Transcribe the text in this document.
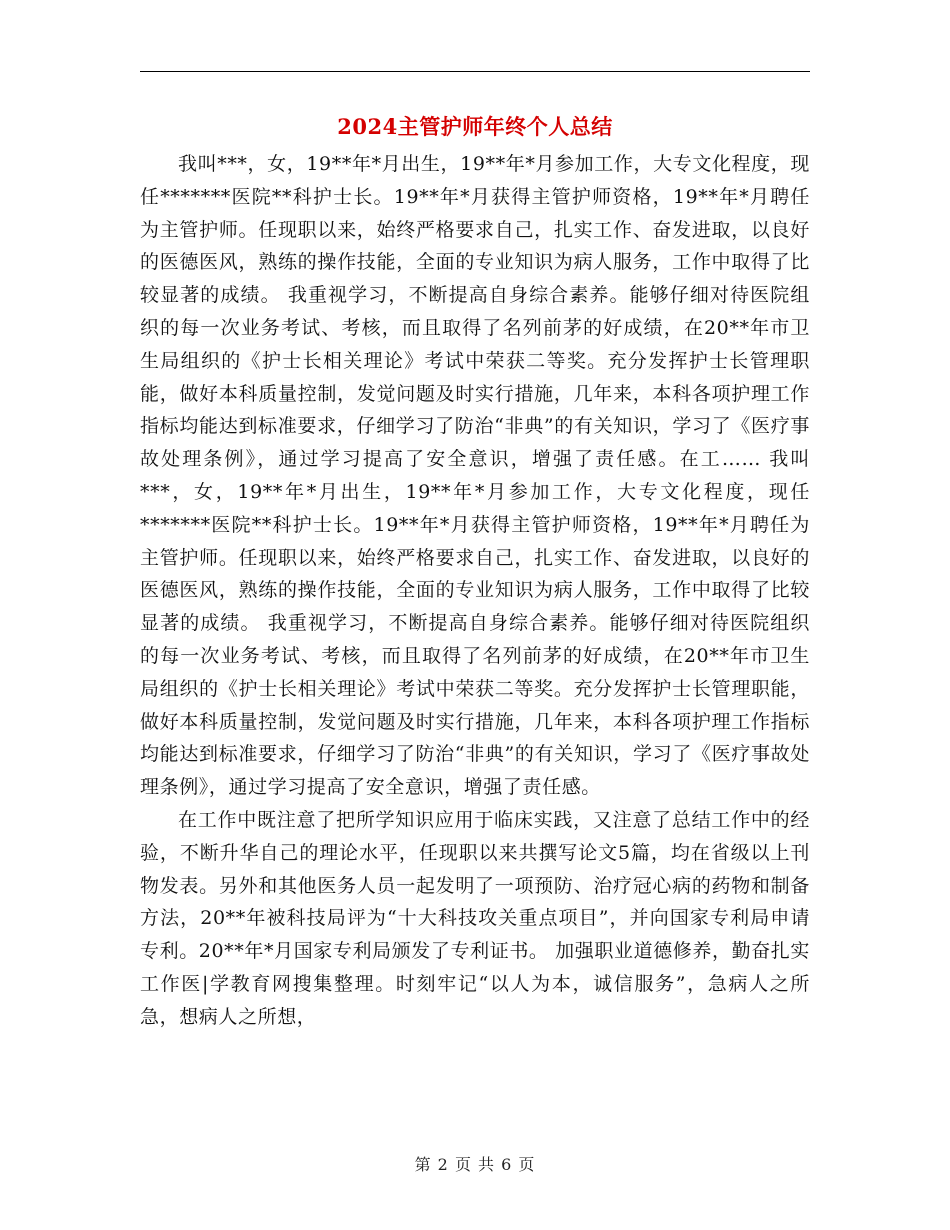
2024主管护师年终个人总结

我叫***，女，19**年*月出生，19**年*月参加工作，大专文化程度，现任*******医院**科护士长。19**年*月获得主管护师资格，19**年*月聘任为主管护师。任现职以来，始终严格要求自己，扎实工作、奋发进取，以良好的医德医风，熟练的操作技能，全面的专业知识为病人服务，工作中取得了比较显著的成绩。 我重视学习，不断提高自身综合素养。能够仔细对待医院组织的每一次业务考试、考核，而且取得了名列前茅的好成绩，在20**年市卫生局组织的《护士长相关理论》考试中荣获二等奖。充分发挥护士长管理职能，做好本科质量控制，发觉问题及时实行措施，几年来，本科各项护理工作指标均能达到标准要求，仔细学习了防治“非典”的有关知识，学习了《医疗事故处理条例》，通过学习提高了安全意识，增强了责任感。在工…… 我叫***，女，19**年*月出生，19**年*月参加工作，大专文化程度，现任*******医院**科护士长。19**年*月获得主管护师资格，19**年*月聘任为主管护师。任现职以来，始终严格要求自己，扎实工作、奋发进取，以良好的医德医风，熟练的操作技能，全面的专业知识为病人服务，工作中取得了比较显著的成绩。 我重视学习，不断提高自身综合素养。能够仔细对待医院组织的每一次业务考试、考核，而且取得了名列前茅的好成绩，在20**年市卫生局组织的《护士长相关理论》考试中荣获二等奖。充分发挥护士长管理职能，做好本科质量控制，发觉问题及时实行措施，几年来，本科各项护理工作指标均能达到标准要求，仔细学习了防治“非典”的有关知识，学习了《医疗事故处理条例》，通过学习提高了安全意识，增强了责任感。

在工作中既注意了把所学知识应用于临床实践，又注意了总结工作中的经验，不断升华自己的理论水平，任现职以来共撰写论文5篇，均在省级以上刊物发表。另外和其他医务人员一起发明了一项预防、治疗冠心病的药物和制备方法，20**年被科技局评为“十大科技攻关重点项目”，并向国家专利局申请专利。20**年*月国家专利局颁发了专利证书。 加强职业道德修养，勤奋扎实工作医|学教育网搜集整理。时刻牢记“以人为本，诚信服务”，急病人之所急，想病人之所想，

第 2 页 共 6 页
